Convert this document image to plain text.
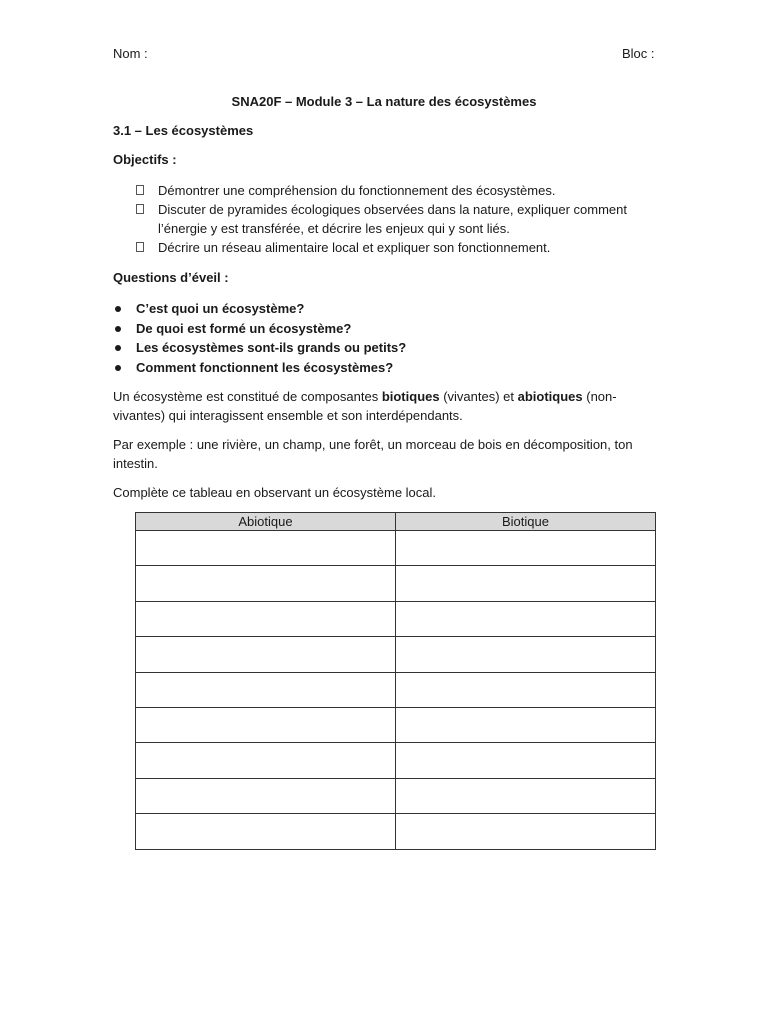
Nom :	Bloc :
SNA20F – Module 3 – La nature des écosystèmes
3.1 – Les écosystèmes
Objectifs :
Démontrer une compréhension du fonctionnement des écosystèmes.
Discuter de pyramides écologiques observées dans la nature, expliquer comment l’énergie y est transférée, et décrire les enjeux qui y sont liés.
Décrire un réseau alimentaire local et expliquer son fonctionnement.
Questions d’éveil :
C’est quoi un écosystème?
De quoi est formé un écosystème?
Les écosystèmes sont-ils grands ou petits?
Comment fonctionnent les écosystèmes?
Un écosystème est constitué de composantes biotiques (vivantes) et abiotiques (non-vivantes) qui interagissent ensemble et son interdépendants.
Par exemple : une rivière, un champ, une forêt, un morceau de bois en décomposition, ton intestin.
Complète ce tableau en observant un écosystème local.
Abiotique	Biotique
